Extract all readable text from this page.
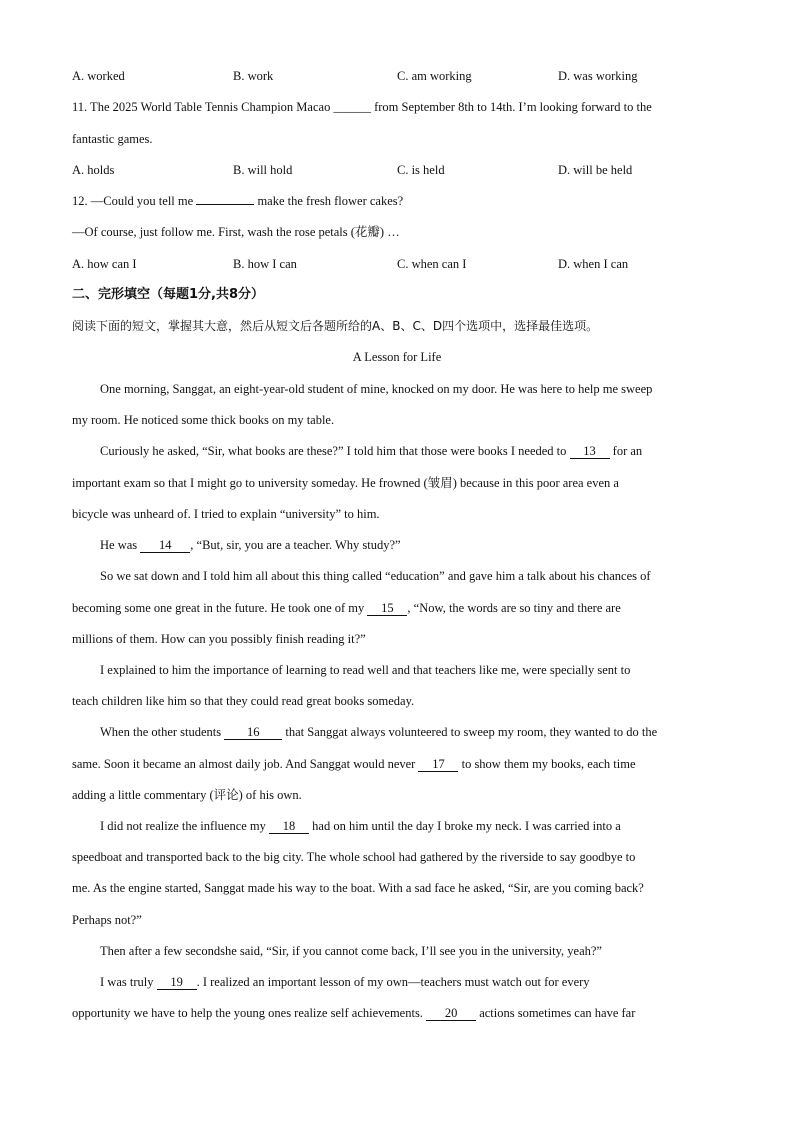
A. worked	B. work	C. am working	D. was working
11. The 2025 World Table Tennis Champion Macao ______ from September 8th to 14th. I’m looking forward to the
fantastic games.
A. holds	B. will hold	C. is held	D. will be held
12. —Could you tell me	make the fresh flower cakes?
—Of course, just follow me. First, wash the rose petals (花瓣) …
A. how can I	B. how I can	C. when can I	D. when I can
二、完形填空（每题1分,共8分）
阅读下面的短文，掌握其大意，然后从短文后各题所给的A、B、C、D四个选项中，选择最佳选项。
A Lesson for Life
One morning, Sanggat, an eight-year-old student of mine, knocked on my door. He was here to help me sweep
my room. He noticed some thick books on my table.
Curiously he asked, “Sir, what books are these?” I told him that those were books I needed to 13 for an
important exam so that I might go to university someday. He frowned (皱眉) because in this poor area even a
bicycle was unheard of. I tried to explain “university” to him.
He was 14 , “But, sir, you are a teacher. Why study?”
So we sat down and I told him all about this thing called “education” and gave him a talk about his chances of
becoming some one great in the future. He took one of my 15 , “Now, the words are so tiny and there are
millions of them. How can you possibly finish reading it?”
I explained to him the importance of learning to read well and that teachers like me, were specially sent to
teach children like him so that they could read great books someday.
When the other students 16 that Sanggat always volunteered to sweep my room, they wanted to do the
same. Soon it became an almost daily job. And Sanggat would never 17 to show them my books, each time
adding a little commentary (评论) of his own.
I did not realize the influence my 18 had on him until the day I broke my neck. I was carried into a
speedboat and transported back to the big city. The whole school had gathered by the riverside to say goodbye to
me. As the engine started, Sanggat made his way to the boat. With a sad face he asked, “Sir, are you coming back?
Perhaps not?”
Then after a few secondshe said, “Sir, if you cannot come back, I’ll see you in the university, yeah?”
I was truly 19 . I realized an important lesson of my own—teachers must watch out for every
opportunity we have to help the young ones realize self achievements. 20 actions sometimes can have far
